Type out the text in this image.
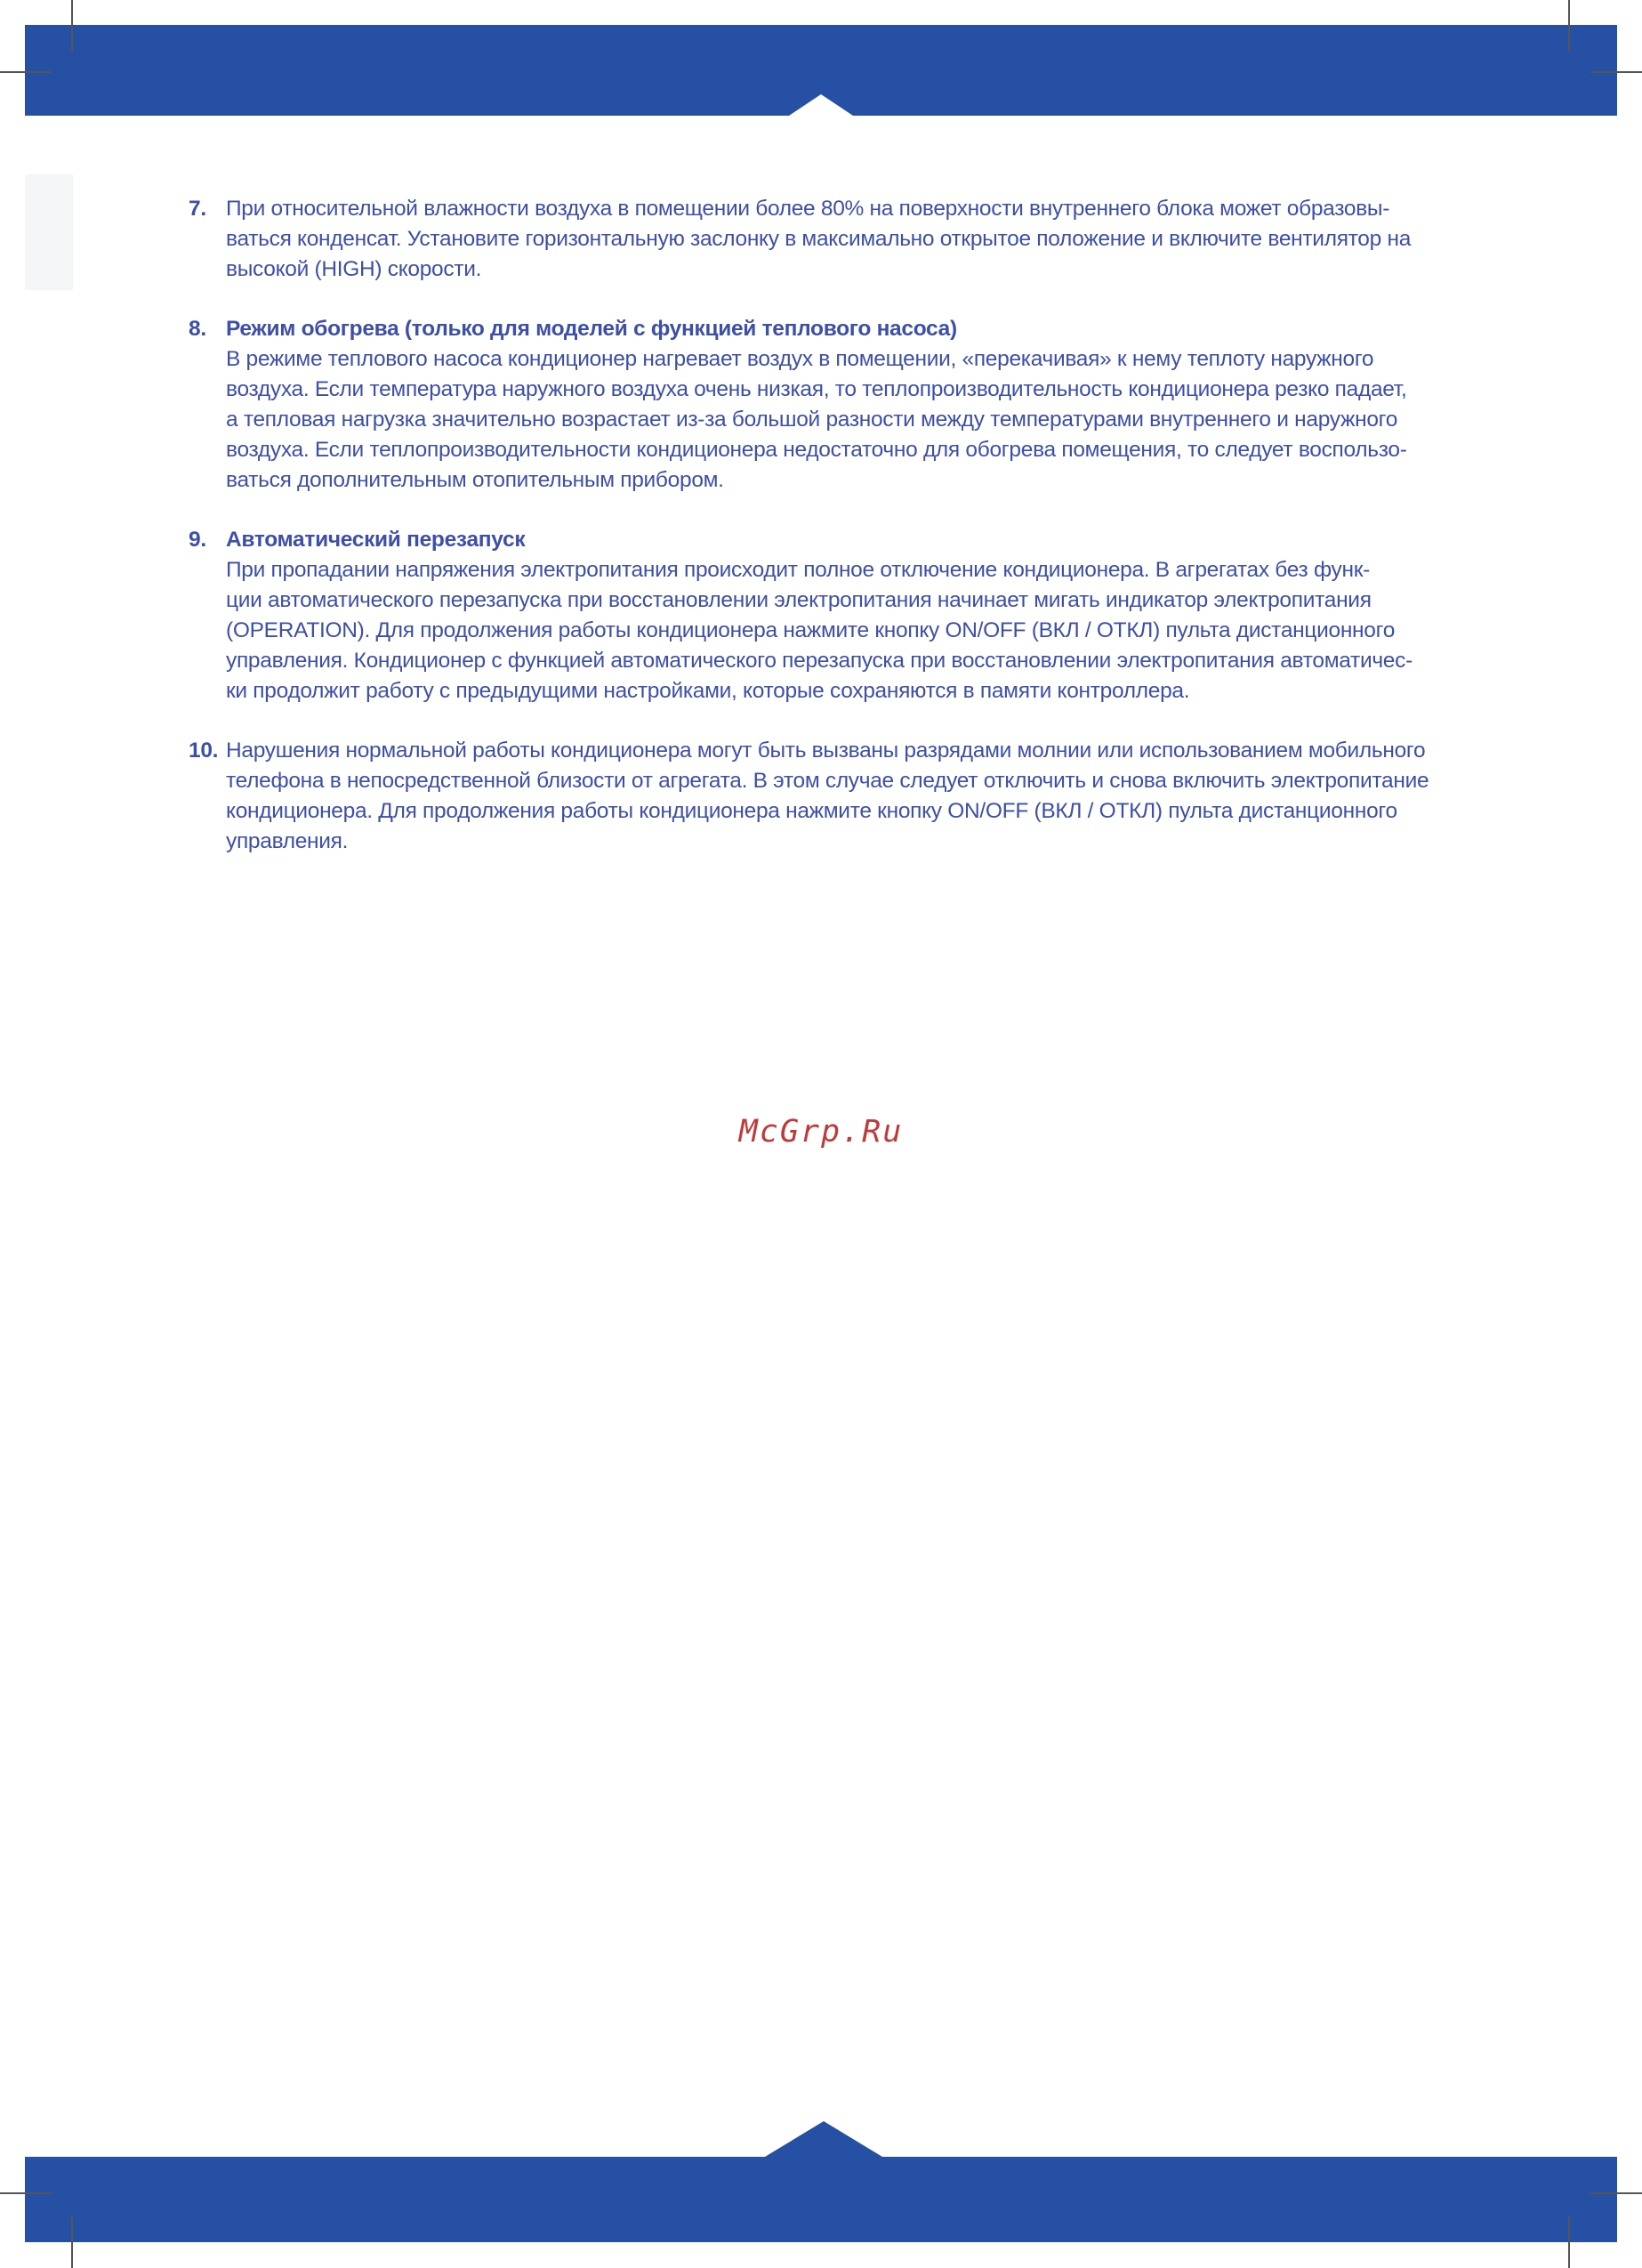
7. При относительной влажности воздуха в помещении более 80% на поверхности внутреннего блока может образовы-
ваться конденсат. Установите горизонтальную заслонку в максимально открытое положение и включите вентилятор на
высокой (HIGH) скорости.

8. Режим обогрева (только для моделей с функцией теплового насоса)

В режиме теплового насоса кондиционер нагревает воздух в помещении, «перекачивая» к нему теплоту наружного
воздуха. Если температура наружного воздуха очень низкая, то теплопроизводительность кондиционера резко падает,
а тепловая нагрузка значительно возрастает из-за большой разности между температурами внутреннего и наружного
воздуха. Если теплопроизводительности кондиционера недостаточно для обогрева помещения, то следует воспользо-
ваться дополнительным отопительным прибором.

9. Автоматический перезапуск

При пропадании напряжения электропитания происходит полное отключение кондиционера. В агрегатах без функ-
ции автоматического перезапуска при восстановлении электропитания начинает мигать индикатор электропитания
(OPERATION). Для продолжения работы кондиционера нажмите кнопку ON/OFF (ВКЛ / ОТКЛ) пульта дистанционного
управления. Кондиционер с функцией автоматического перезапуска при восстановлении электропитания автоматичес-
ки продолжит работу с предыдущими настройками, которые сохраняются в памяти контроллера.

10. Нарушения нормальной работы кондиционера могут быть вызваны разрядами молнии или использованием мобильного
телефона в непосредственной близости от агрегата. В этом случае следует отключить и снова включить электропитание
кондиционера. Для продолжения работы кондиционера нажмите кнопку ON/OFF (ВКЛ / ОТКЛ) пульта дистанционного
управления.

McGrp.Ru
